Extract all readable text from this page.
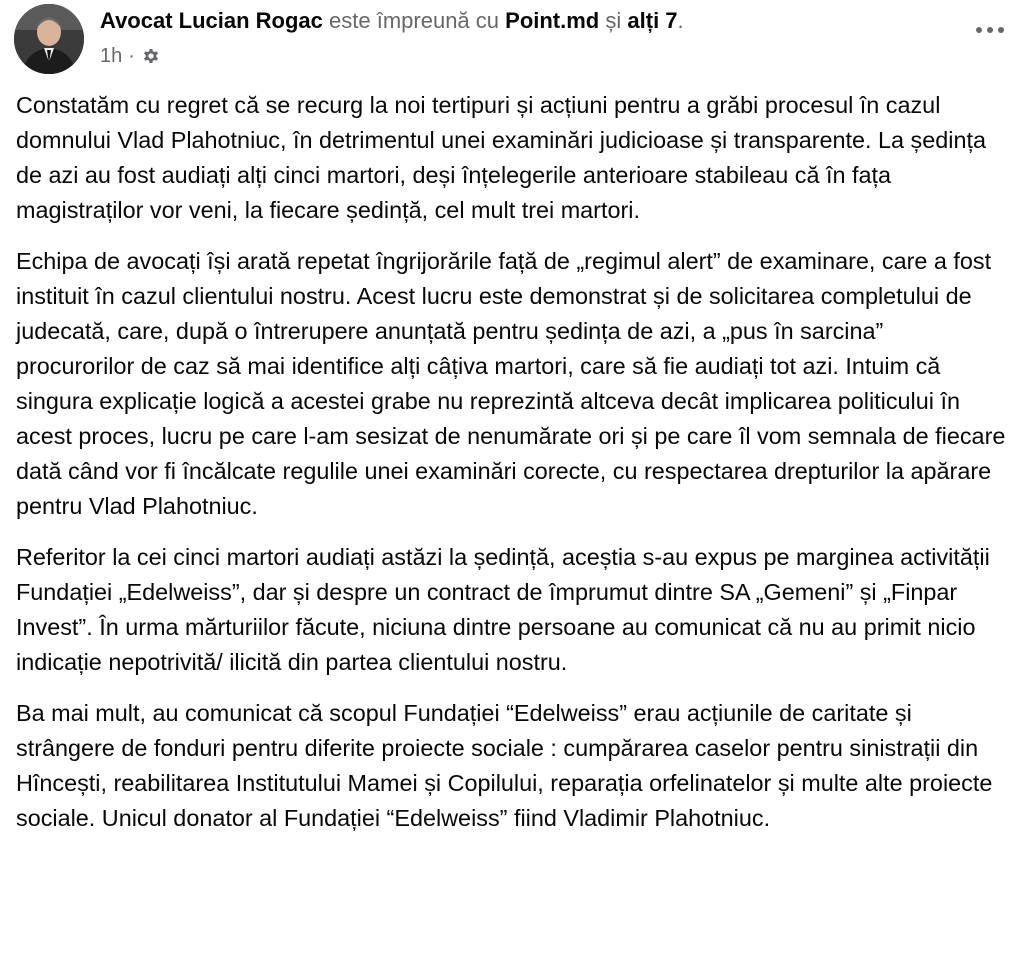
Avocat Lucian Rogac este împreună cu Point.md și alți 7.
1h ·

Constatăm cu regret că se recurg la noi tertipuri și acțiuni pentru a grăbi procesul în cazul domnului Vlad Plahotniuc, în detrimentul unei examinări judicioase și transparente. La ședința de azi au fost audiați alți cinci martori, deși înțelegerile anterioare stabileau că în fața magistraților vor veni, la fiecare ședință, cel mult trei martori.

Echipa de avocați își arată repetat îngrijorările față de „regimul alert” de examinare, care a fost instituit în cazul clientului nostru. Acest lucru este demonstrat și de solicitarea completului de judecată, care, după o întrerupere anunțată pentru ședința de azi, a „pus în sarcina” procurorilor de caz să mai identifice alți câțiva martori, care să fie audiați tot azi. Intuim că singura explicație logică a acestei grabe nu reprezintă altceva decât implicarea politicului în acest proces, lucru pe care l-am sesizat de nenumărate ori și pe care îl vom semnala de fiecare dată când vor fi încălcate regulile unei examinări corecte, cu respectarea drepturilor la apărare pentru Vlad Plahotniuc.

Referitor la cei cinci martori audiați astăzi la ședință, aceștia s-au expus pe marginea activității Fundației „Edelweiss”, dar și despre un contract de împrumut dintre SA „Gemeni” și „Finpar Invest”. În urma mărturiilor făcute, niciuna dintre persoane au comunicat că nu au primit nicio indicație nepotrivită/ ilicită din partea clientului nostru.

Ba mai mult, au comunicat că scopul Fundației “Edelweiss” erau acțiunile de caritate și strângere de fonduri pentru diferite proiecte sociale : cumpărarea caselor pentru sinistrații din Hîncești, reabilitarea Institutului Mamei și Copilului, reparația orfelinatelor și multe alte proiecte sociale. Unicul donator al Fundației “Edelweiss” fiind Vladimir Plahotniuc.
